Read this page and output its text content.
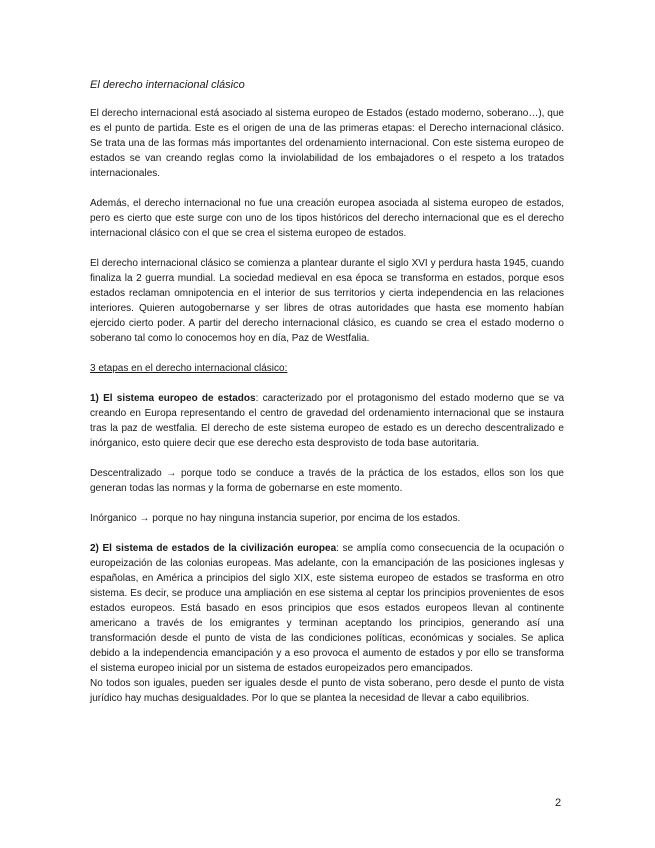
El derecho internacional clásico

El derecho internacional está asociado al sistema europeo de Estados (estado moderno, soberano…), que es el punto de partida. Este es el origen de una de las primeras etapas: el Derecho internacional clásico. Se trata una de las formas más importantes del ordenamiento internacional. Con este sistema europeo de estados se van creando reglas como la inviolabilidad de los embajadores o el respeto a los tratados internacionales.

Además, el derecho internacional no fue una creación europea asociada al sistema europeo de estados, pero es cierto que este surge con uno de los tipos históricos del derecho internacional que es el derecho internacional clásico con el que se crea el sistema europeo de estados.

El derecho internacional clásico se comienza a plantear durante el siglo XVI y perdura hasta 1945, cuando finaliza la 2 guerra mundial. La sociedad medieval en esa época se transforma en estados, porque esos estados reclaman omnipotencia en el interior de sus territorios y cierta independencia en las relaciones interiores. Quieren autogobernarse y ser libres de otras autoridades que hasta ese momento habían ejercido cierto poder. A partir del derecho internacional clásico, es cuando se crea el estado moderno o soberano tal como lo conocemos hoy en día, Paz de Westfalia.

3 etapas en el derecho internacional clásico:

1) El sistema europeo de estados: caracterizado por el protagonismo del estado moderno que se va creando en Europa representando el centro de gravedad del ordenamiento internacional que se instaura tras la paz de westfalia. El derecho de este sistema europeo de estado es un derecho descentralizado e inórganico, esto quiere decir que ese derecho esta desprovisto de toda base autoritaria.

Descentralizado → porque todo se conduce a través de la práctica de los estados, ellos son los que generan todas las normas y la forma de gobernarse en este momento.

Inórganico → porque no hay ninguna instancia superior, por encima de los estados.

2) El sistema de estados de la civilización europea: se amplía como consecuencia de la ocupación o europeización de las colonias europeas. Mas adelante, con la emancipación de las posiciones inglesas y españolas, en América a principios del siglo XIX, este sistema europeo de estados se trasforma en otro sistema. Es decir, se produce una ampliación en ese sistema al ceptar los principios provenientes de esos estados europeos. Está basado en esos principios que esos estados europeos llevan al continente americano a través de los emigrantes y terminan aceptando los principios, generando así una transformación desde el punto de vista de las condiciones políticas, económicas y sociales. Se aplica debido a la independencia emancipación y a eso provoca el aumento de estados y por ello se transforma el sistema europeo inicial por un sistema de estados europeizados pero emancipados.

No todos son iguales, pueden ser iguales desde el punto de vista soberano, pero desde el punto de vista jurídico hay muchas desigualdades. Por lo que se plantea la necesidad de llevar a cabo equilibrios.

2
